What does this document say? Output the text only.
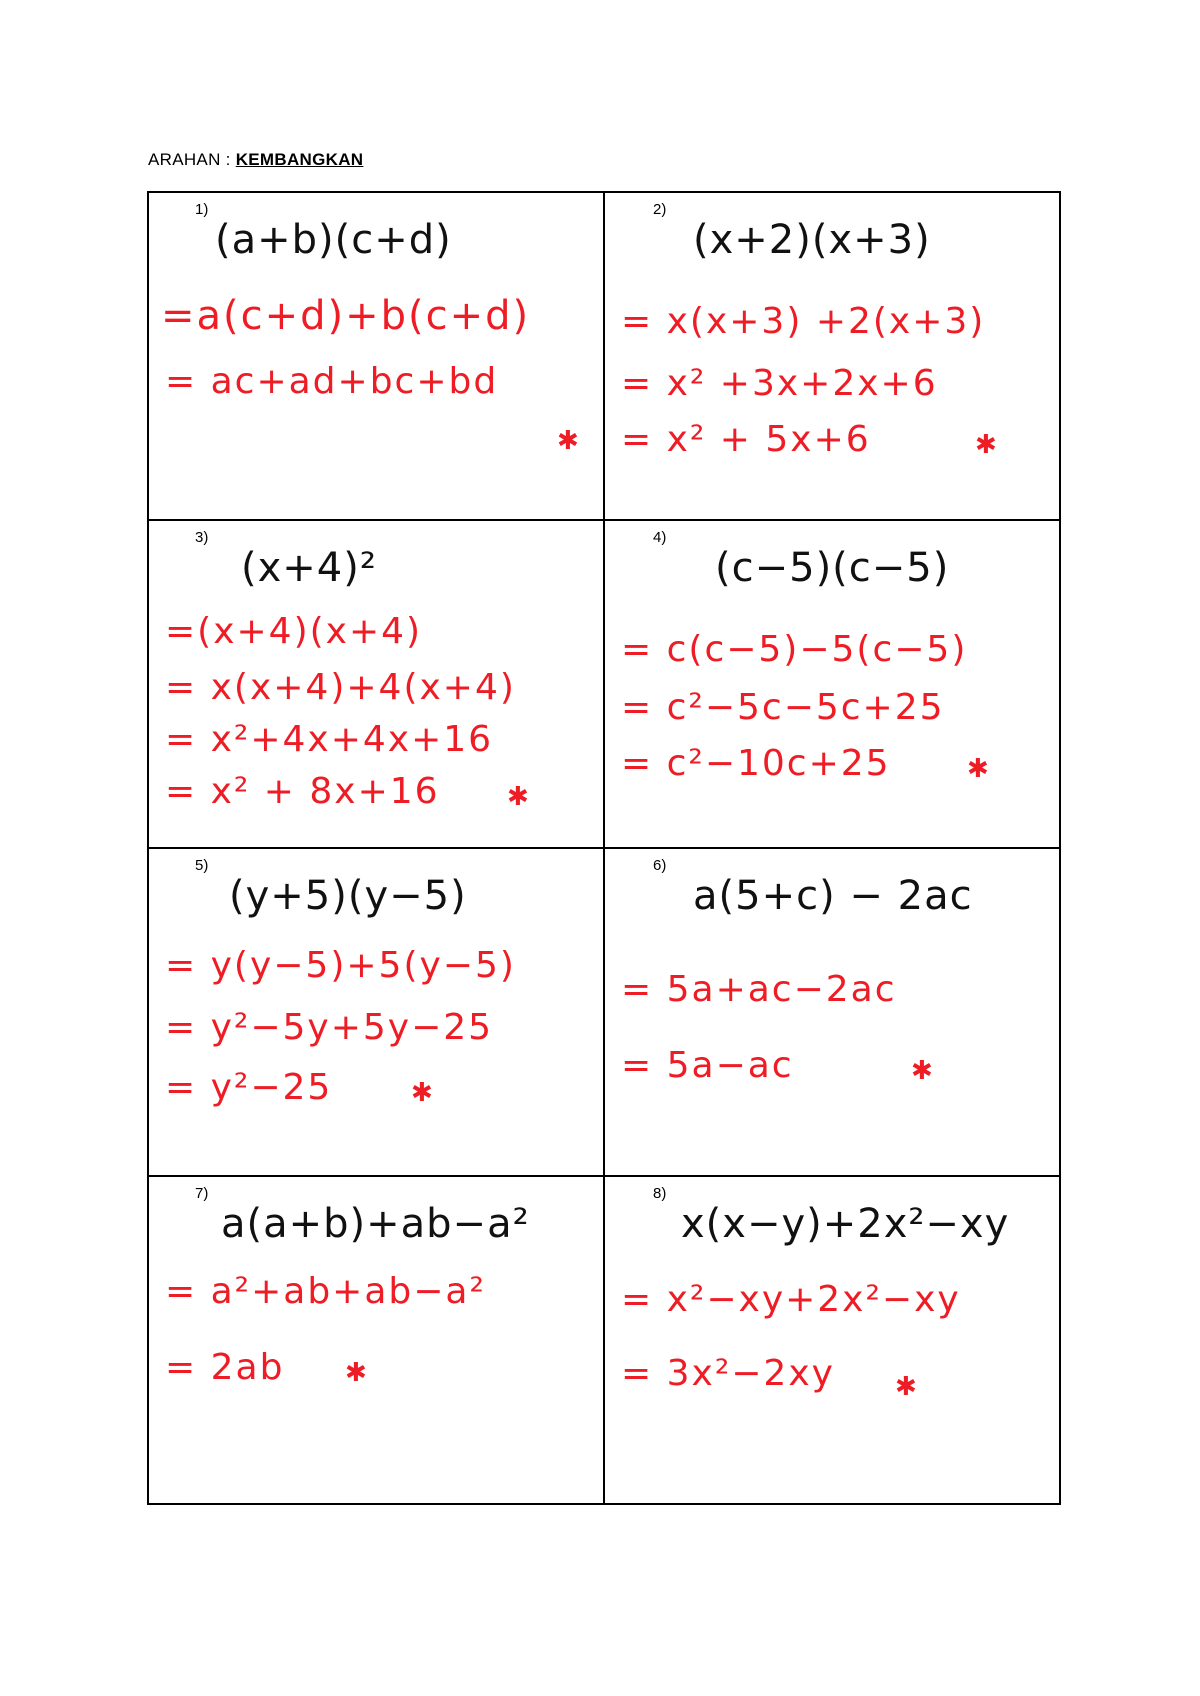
ARAHAN : KEMBANGKAN
1)
(a+b)(c+d)
=a(c+d)+b(c+d)
= ac+ad+bc+bd
✱
2)
(x+2)(x+3)
= x(x+3) +2(x+3)
= x² +3x+2x+6
= x² + 5x+6	✱
3)
(x+4)²
=(x+4)(x+4)
= x(x+4)+4(x+4)
= x²+4x+4x+16
= x² + 8x+16	✱
4)
(c−5)(c−5)
= c(c−5)−5(c−5)
= c²−5c−5c+25
= c²−10c+25	✱
5)
(y+5)(y−5)
= y(y−5)+5(y−5)
= y²−5y+5y−25
= y²−25	✱
6)
a(5+c) − 2ac
= 5a+ac−2ac
= 5a−ac	✱
7)
a(a+b)+ab−a²
= a²+ab+ab−a²
= 2ab ✱
8)
x(x−y)+2x²−xy
= x²−xy+2x²−xy
= 3x²−2xy ✱
